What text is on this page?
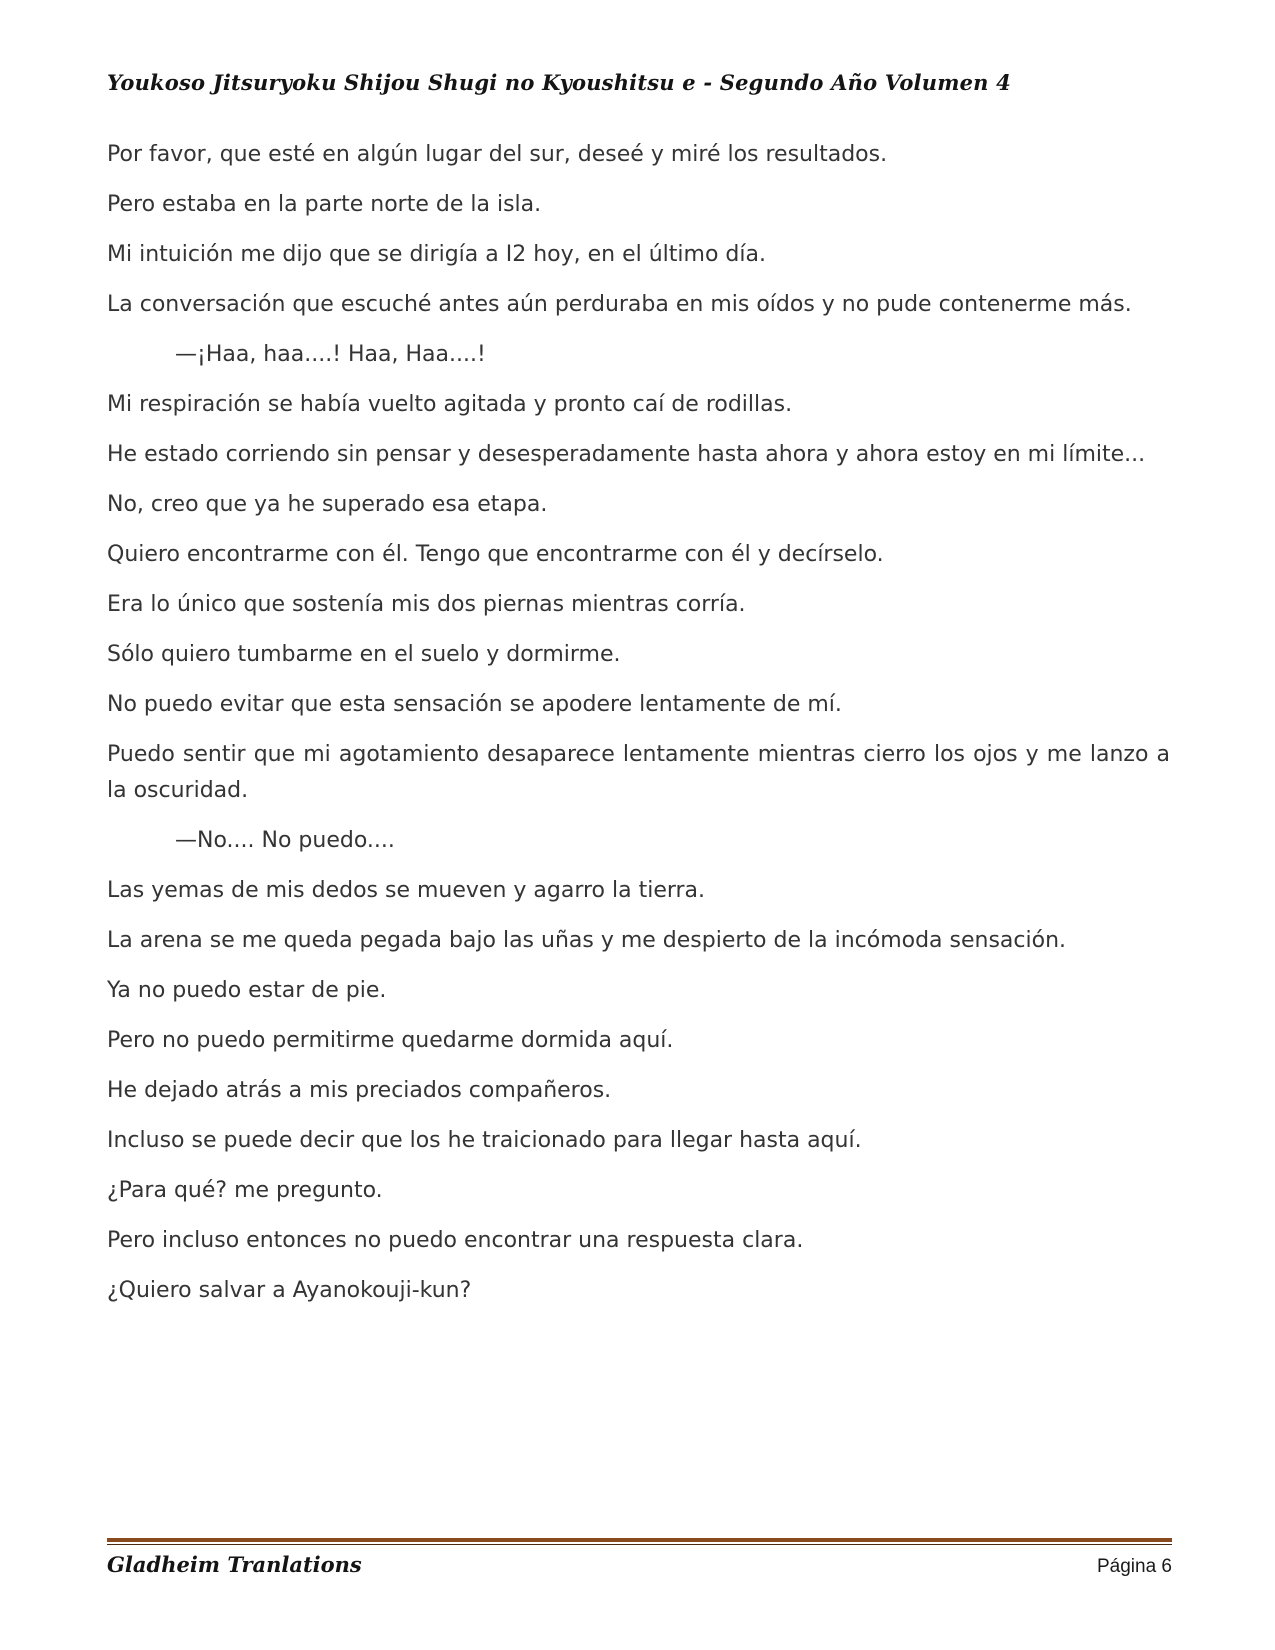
Youkoso Jitsuryoku Shijou Shugi no Kyoushitsu e - Segundo Año Volumen 4

Por favor, que esté en algún lugar del sur, deseé y miré los resultados.

Pero estaba en la parte norte de la isla.

Mi intuición me dijo que se dirigía a I2 hoy, en el último día.

La conversación que escuché antes aún perduraba en mis oídos y no pude contenerme más.

—¡Haa, haa....! Haa, Haa....!

Mi respiración se había vuelto agitada y pronto caí de rodillas.

He estado corriendo sin pensar y desesperadamente hasta ahora y ahora estoy en mi límite...

No, creo que ya he superado esa etapa.

Quiero encontrarme con él. Tengo que encontrarme con él y decírselo.

Era lo único que sostenía mis dos piernas mientras corría.

Sólo quiero tumbarme en el suelo y dormirme.

No puedo evitar que esta sensación se apodere lentamente de mí.

Puedo sentir que mi agotamiento desaparece lentamente mientras cierro los ojos y me lanzo a la oscuridad.

—No.... No puedo....

Las yemas de mis dedos se mueven y agarro la tierra.

La arena se me queda pegada bajo las uñas y me despierto de la incómoda sensación.

Ya no puedo estar de pie.

Pero no puedo permitirme quedarme dormida aquí.

He dejado atrás a mis preciados compañeros.

Incluso se puede decir que los he traicionado para llegar hasta aquí.

¿Para qué? me pregunto.

Pero incluso entonces no puedo encontrar una respuesta clara.

¿Quiero salvar a Ayanokouji-kun?

Gladheim Tranlations	Página 6
